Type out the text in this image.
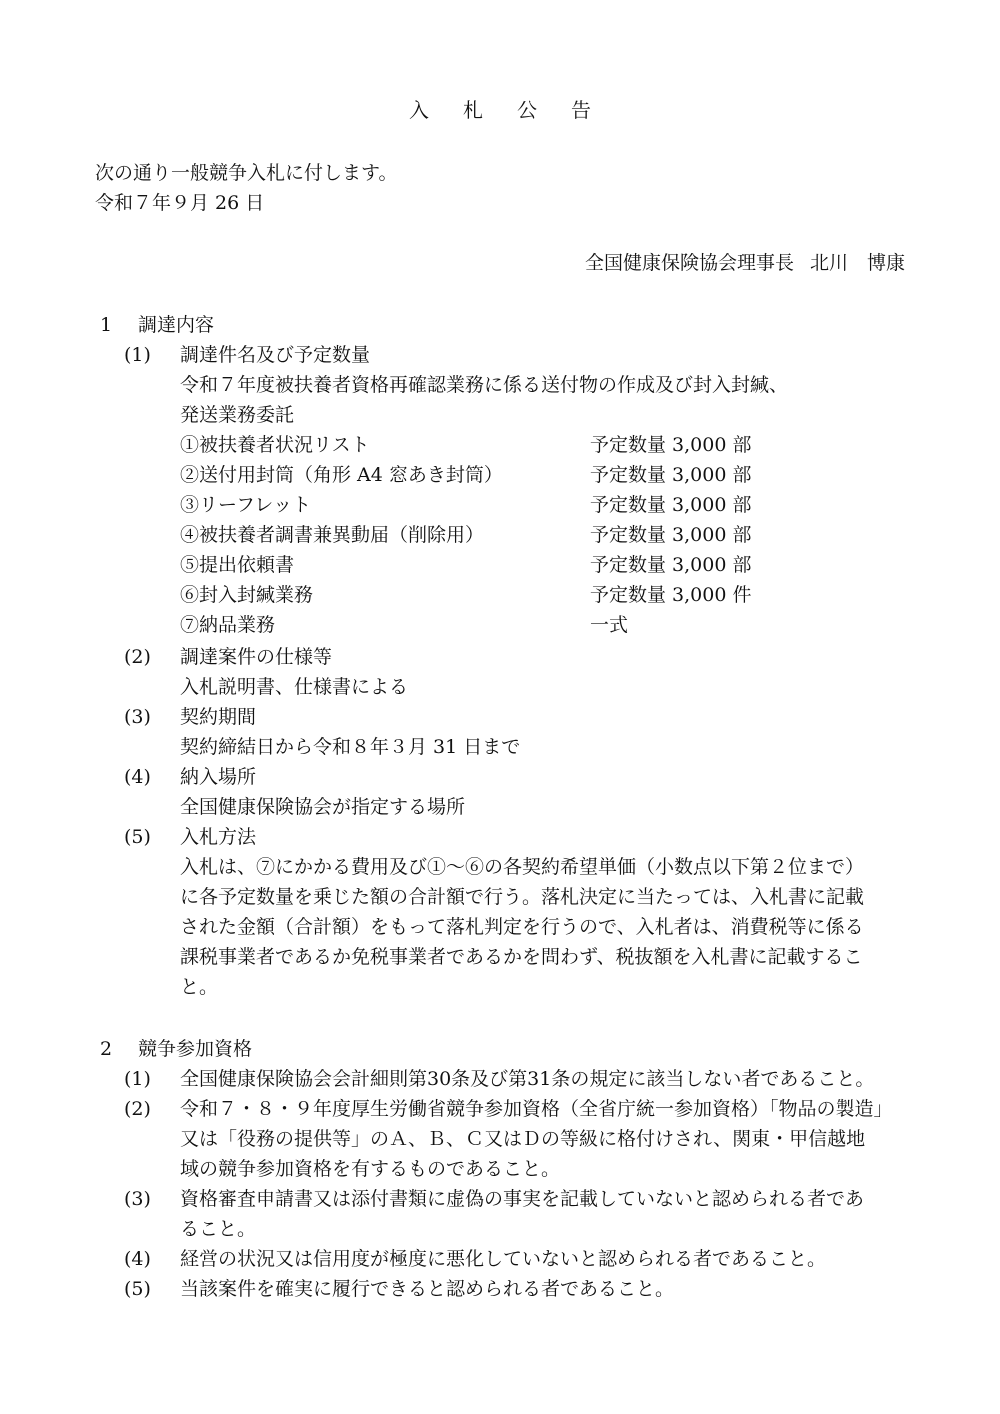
入 札 公 告

次の通り一般競争入札に付します。

令和７年９月 26 日

全国健康保険協会理事長 北川　博康

1 調達内容

(1) 調達件名及び予定数量

令和７年度被扶養者資格再確認業務に係る送付物の作成及び封入封緘、

発送業務委託

①被扶養者状況リスト	予定数量 3,000 部
②送付用封筒（角形 A4 窓あき封筒）	予定数量 3,000 部
③リーフレット	予定数量 3,000 部
④被扶養者調書兼異動届（削除用）	予定数量 3,000 部
⑤提出依頼書	予定数量 3,000 部
⑥封入封緘業務	予定数量 3,000 件
⑦納品業務	一式

(2) 調達案件の仕様等

入札説明書、仕様書による

(3) 契約期間

契約締結日から令和８年３月 31 日まで

(4) 納入場所

全国健康保険協会が指定する場所

(5) 入札方法

入札は、⑦にかかる費用及び①～⑥の各契約希望単価（小数点以下第２位まで）

に各予定数量を乗じた額の合計額で行う。落札決定に当たっては、入札書に記載

された金額（合計額）をもって落札判定を行うので、入札者は、消費税等に係る

課税事業者であるか免税事業者であるかを問わず、税抜額を入札書に記載するこ

と。

2 競争参加資格

(1) 全国健康保険協会会計細則第30条及び第31条の規定に該当しない者であること。

(2) 令和７・８・９年度厚生労働省競争参加資格（全省庁統一参加資格）「物品の製造」

又は「役務の提供等」のＡ、Ｂ、Ｃ又はＤの等級に格付けされ、関東・甲信越地

域の競争参加資格を有するものであること。

(3) 資格審査申請書又は添付書類に虚偽の事実を記載していないと認められる者であ

ること。

(4) 経営の状況又は信用度が極度に悪化していないと認められる者であること。

(5) 当該案件を確実に履行できると認められる者であること。
